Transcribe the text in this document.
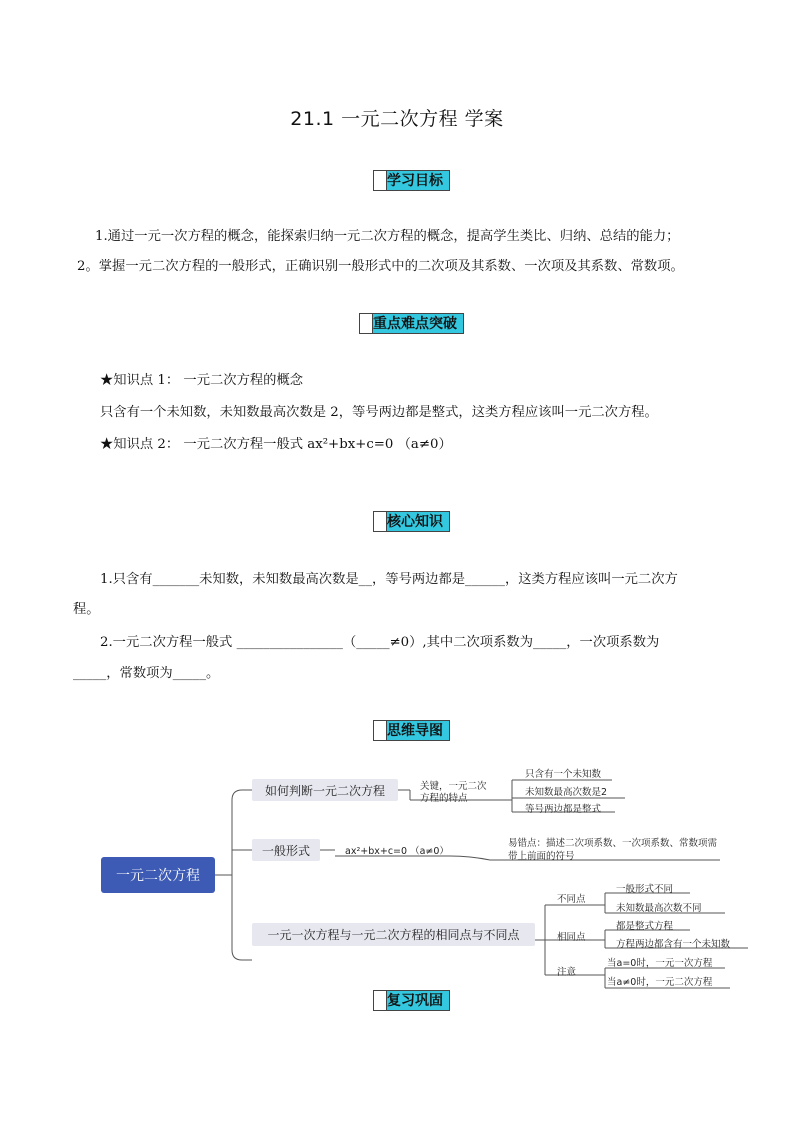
21.1 一元二次方程 学案
学习目标
1.通过一元一次方程的概念，能探索归纳一元二次方程的概念，提高学生类比、归纳、总结的能力；
2。掌握一元二次方程的一般形式，正确识别一般形式中的二次项及其系数、一次项及其系数、常数项。
重点难点突破
★知识点 1： 一元二次方程的概念
只含有一个未知数，未知数最高次数是 2，等号两边都是整式，这类方程应该叫一元二次方程。
★知识点 2： 一元二次方程一般式 ax²+bx+c=0 （a≠0）
核心知识
1.只含有_______未知数，未知数最高次数是__，等号两边都是______，这类方程应该叫一元二次方
程。
2.一元二次方程一般式 ________________（_____≠0）,其中二次项系数为_____，一次项系数为
_____，常数项为_____。
思维导图
一元二次方程
如何判断一元二次方程	关键，一元二次
方程的特点
只含有一个未知数
未知数最高次数是2
等号两边都是整式
一般形式	ax²+bx+c=0 （a≠0）
易错点：描述二次项系数、一次项系数、常数项需
带上前面的符号
一元一次方程与一元二次方程的相同点与不同点
不同点
一般形式不同
未知数最高次数不同
相同点
都是整式方程
方程两边都含有一个未知数
注意
当a=0时，一元一次方程
当a≠0时，一元二次方程
复习巩固
